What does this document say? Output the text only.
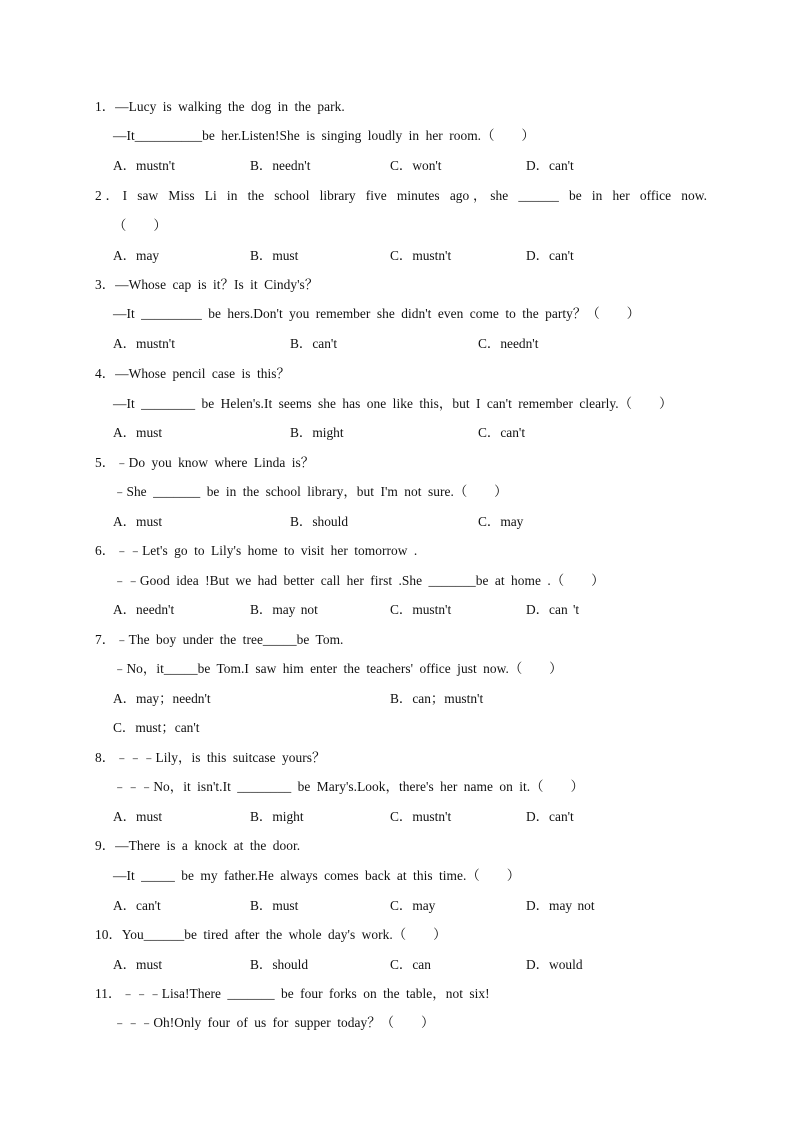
1．—Lucy is walking the dog in the park.
—It__________be her.Listen!She is singing loudly in her room.（　　）
A．mustn't	B．needn't	C．won't	D．can't
2．I saw Miss Li in the school library five minutes ago，she ______ be in her office now.
（　　）
A．may	B．must	C．mustn't	D．can't
3．—Whose cap is it？Is it Cindy's？
—It _________ be hers.Don't you remember she didn't even come to the party？（　　）
A．mustn't	B．can't	C．needn't
4．—Whose pencil case is this？
—It ________ be Helen's.It seems she has one like this，but I can't remember clearly.（　　）
A．must	B．might	C．can't
5．﹣Do you know where Linda is？
﹣She _______ be in the school library，but I'm not sure.（　　）
A．must	B．should	C．may
6．﹣﹣Let's go to Lily's home to visit her tomorrow .
﹣﹣Good idea !But we had better call her first .She _______be at home .（　　）
A．needn't	B．may not	C．mustn't	D．can 't
7．﹣The boy under the tree_____be Tom.
﹣No，it_____be Tom.I saw him enter the teachers' office just now.（　　）
A．may；needn't	B．can；mustn't
C．must；can't
8．﹣﹣﹣Lily，is this suitcase yours？
﹣﹣﹣No，it isn't.It ________ be Mary's.Look，there's her name on it.（　　）
A．must	B．might	C．mustn't	D．can't
9．—There is a knock at the door.
—It _____ be my father.He always comes back at this time.（　　）
A．can't	B．must	C．may	D．may not
10．You______be tired after the whole day's work.（　　）
A．must	B．should	C．can	D．would
11．﹣﹣﹣Lisa!There _______ be four forks on the table，not six!
﹣﹣﹣Oh!Only four of us for supper today？（　　）
